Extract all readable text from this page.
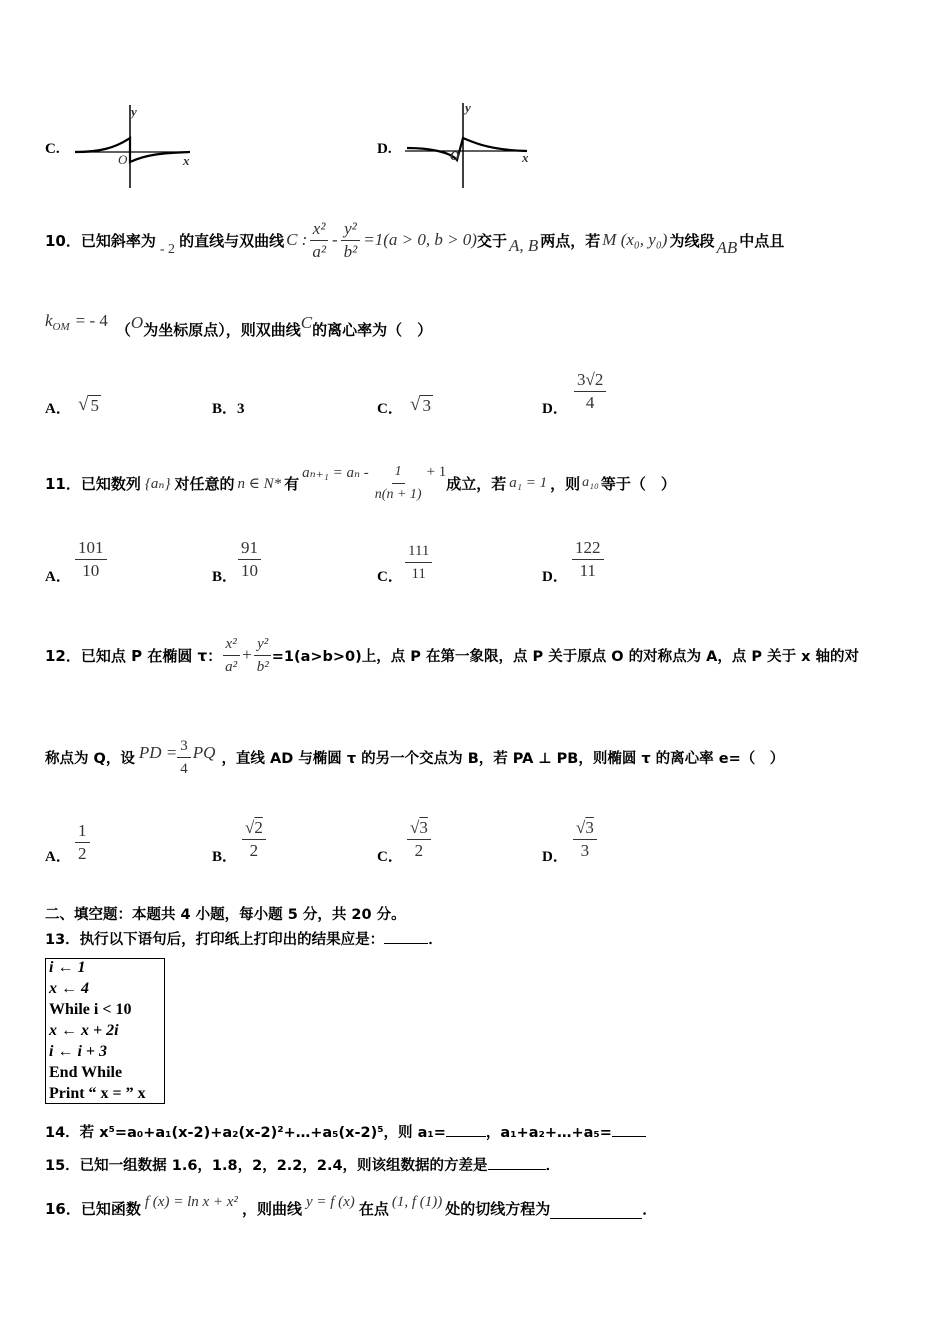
C.
y
x
O
D.
y
x
O
10． 已知斜率为 - 2 的直线与双曲线 C : $\frac{\text{x²}}{\text{a²}} - \frac{\text{y²}}{\text{b²}} =1(a > 0$, b > 0) 交于 A, B 两点，若 M (x₀, y₀) 为线段 AB 中点且
k OM = - 4 （ O 为坐标原点），则双曲线 C 的离心率为（　）
A． √ 5	B．3	C． √ 3	D． $\frac{3√2}{4}$
11． 已知数列 {aₙ} 对任意的 n ∈ N* 有
$a_{n+1} = a_n - \frac{1}{n(n + 1)} + 1$
成立，若 a₁ = 1 ，则 a₁₀ 等于（　）
A． $\frac{101}{10}$	B． $\frac{91}{10}$	C． $\frac{111}{11}$	D． $\frac{122}{11}$
12． 已知点 P 在椭圆 τ： $\frac{\text{x²}}{\text{a²}} + \frac{\text{y²}}{\text{b²}} =1(a>b>0)$上，点 P 在第一象限，点 P 关于原点 O 的对称点为 A，点 P 关于 x 轴的对
称点为 Q，设 PD = $\frac{3}{4}$ PQ ，直线 AD 与椭圆 τ 的另一个交点为 B，若 PA ⊥ PB，则椭圆 τ 的离心率 e=（　）
A． $\frac{1}{2}$	B． $\frac{√2}{2}$	C． $\frac{√3}{2}$	D． $\frac{√3}{3}$
二、填空题：本题共 4 小题，每小题 5 分，共 20 分。
13．执行以下语句后，打印纸上打印出的结果应是：	．
i ← 1
x ← 4
While i < 10
x ← x + 2i
i ← i + 3
End While
Print “ x = ” x
14．若 x⁵=a₀+a₁(x-2)+a₂(x-2)²+…+a₅(x-2)⁵，则 a₁=	，a₁+a₂+…+a₅=
15．已知一组数据 1.6，1.8，2，2.2，2.4，则该组数据的方差是	．
16． 已知函数 f (x) = ln x + x² ，则曲线 y = f (x) 在点 (1, f (1)) 处的切线方程为	．
